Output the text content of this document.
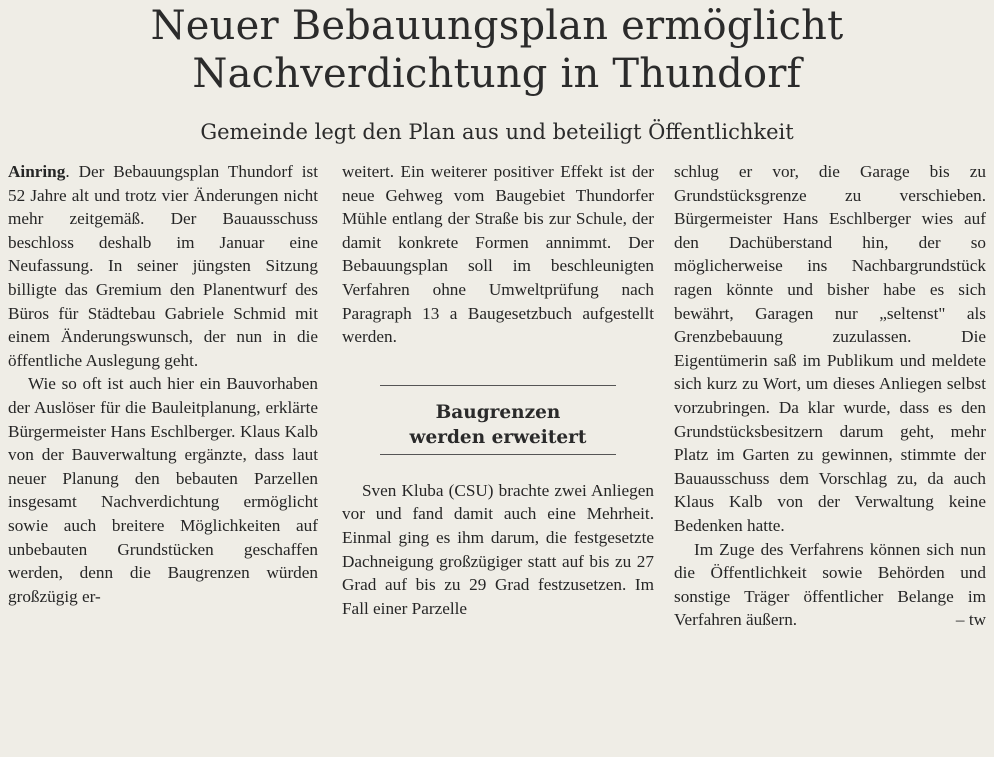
Neuer Bebauungsplan ermöglicht
Nachverdichtung in Thundorf
Gemeinde legt den Plan aus und beteiligt Öffentlichkeit

Ainring. Der Bebauungsplan Thundorf ist 52 Jahre alt und trotz vier Änderungen nicht mehr zeitgemäß. Der Bauausschuss beschloss deshalb im Januar eine Neufassung. In seiner jüngsten Sitzung billigte das Gremium den Planentwurf des Büros für Städtebau Gabriele Schmid mit einem Änderungswunsch, der nun in die öffentliche Auslegung geht.

Wie so oft ist auch hier ein Bauvorhaben der Auslöser für die Bauleitplanung, erklärte Bürgermeister Hans Eschlberger. Klaus Kalb von der Bauverwaltung ergänzte, dass laut neuer Planung den bebauten Parzellen insgesamt Nachverdichtung ermöglicht sowie auch breitere Möglichkeiten auf unbebauten Grundstücken geschaffen werden, denn die Baugrenzen würden großzügig er-

weitert. Ein weiterer positiver Effekt ist der neue Gehweg vom Baugebiet Thundorfer Mühle entlang der Straße bis zur Schule, der damit konkrete Formen annimmt. Der Bebauungsplan soll im beschleunigten Verfahren ohne Umweltprüfung nach Paragraph 13 a Baugesetzbuch aufgestellt werden.

Baugrenzen
werden erweitert

Sven Kluba (CSU) brachte zwei Anliegen vor und fand damit auch eine Mehrheit. Einmal ging es ihm darum, die festgesetzte Dachneigung großzügiger statt auf bis zu 27 Grad auf bis zu 29 Grad festzusetzen. Im Fall einer Parzelle

schlug er vor, die Garage bis zu Grundstücksgrenze zu verschieben. Bürgermeister Hans Eschlberger wies auf den Dachüberstand hin, der so möglicherweise ins Nachbargrundstück ragen könnte und bisher habe es sich bewährt, Garagen nur „seltenst" als Grenzbebauung zuzulassen. Die Eigentümerin saß im Publikum und meldete sich kurz zu Wort, um dieses Anliegen selbst vorzubringen. Da klar wurde, dass es den Grundstücksbesitzern darum geht, mehr Platz im Garten zu gewinnen, stimmte der Bauausschuss dem Vorschlag zu, da auch Klaus Kalb von der Verwaltung keine Bedenken hatte.

Im Zuge des Verfahrens können sich nun die Öffentlichkeit sowie Behörden und sonstige Träger öffentlicher Belange im Verfahren äußern.	– tw
